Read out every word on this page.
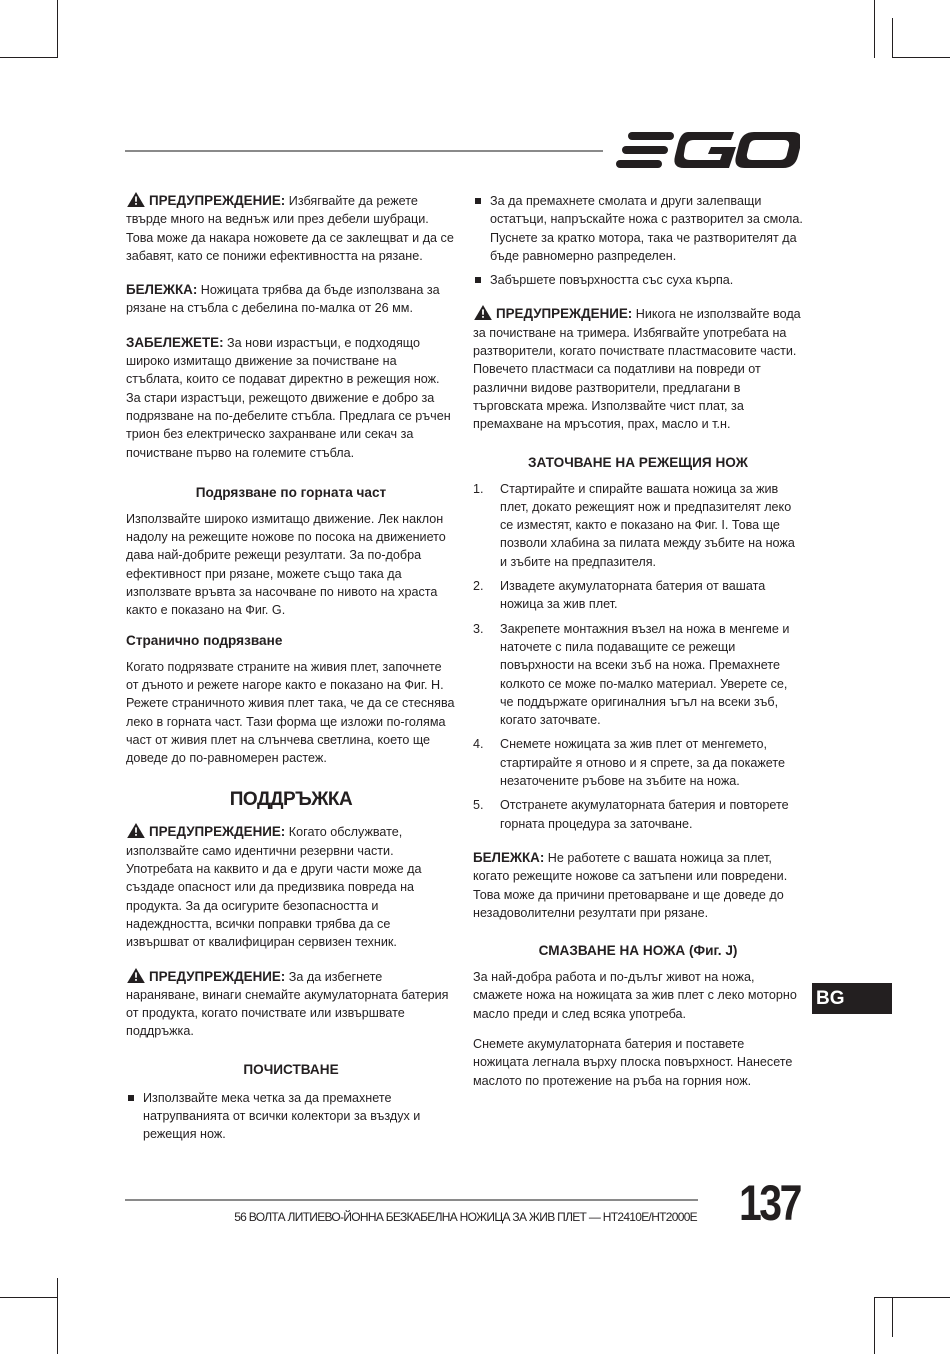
ПРЕДУПРЕЖДЕНИЕ: Избягвайте да режете твърде много на веднъж или през дебели шубраци. Това може да накара ножовете да се заклещват и да се забавят, като се понижи ефективността на рязане.

БЕЛЕЖКА: Ножицата трябва да бъде използвана за рязане на стъбла с дебелина по-малка от 26 мм.

ЗАБЕЛЕЖЕТЕ: За нови израстъци, е подходящо широко измитащо движение за почистване на стъблата, които се подават директно в режещия нож. За стари израстъци, режещото движение е добро за подрязване на по-дебелите стъбла. Предлага се ръчен трион без електрическо захранване или секач за почистване първо на големите стъбла.

Подрязване по горната част

Използвайте широко измитащо движение. Лек наклон надолу на режещите ножове по посока на движението дава най-добрите режещи резултати. За по-добра ефективност при рязане, можете също така да използвате връвта за насочване по нивото на храста както е показано на Фиг. G.

Странично подрязване

Когато подрязвате страните на живия плет, започнете от дъното и режете нагоре както е показано на Фиг. H. Режете страничното живия плет така, че да се стеснява леко в горната част. Тази форма ще изложи по-голяма част от живия плет на слънчева светлина, което ще доведе до по-равномерен растеж.

ПОДДРЪЖКА

ПРЕДУПРЕЖДЕНИЕ: Когато обслужвате, използвайте само идентични резервни части. Употребата на каквито и да е други части може да създаде опасност или да предизвика повреда на продукта. За да осигурите безопасността и надеждността, всички поправки трябва да се извършват от квалифициран сервизен техник.

ПРЕДУПРЕЖДЕНИЕ: За да избегнете нараняване, винаги снемайте акумулаторната батерия от продукта, когато почиствате или извършвате поддръжка.

ПОЧИСТВАНЕ
Използвайте мека четка за да премахнете натрупванията от всички колектори за въздух и режещия нож.
За да премахнете смолата и други залепващи остатъци, напръскайте ножа с разтворител за смола. Пуснете за кратко мотора, така че разтворителят да бъде равномерно разпределен.
Забършете повърхността със суха кърпа.

ПРЕДУПРЕЖДЕНИЕ: Никога не използвайте вода за почистване на тримера. Избягвайте употребата на разтворители, когато почиствате пластмасовите части. Повечето пластмаси са податливи на повреди от различни видове разтворители, предлагани в търговската мрежа. Използвайте чист плат, за премахване на мръсотия, прах, масло и т.н.

ЗАТОЧВАНЕ НА РЕЖЕЩИЯ НОЖ
1. Стартирайте и спирайте вашата ножица за жив плет, докато режещият нож и предпазителят леко се изместят, както е показано на Фиг. I. Това ще позволи хлабина за пилата между зъбите на ножа и зъбите на предпазителя.
2. Извадете акумулаторната батерия от вашата ножица за жив плет.
3. Закрепете монтажния възел на ножа в менгеме и наточете с пила подаващите се режещи повърхности на всеки зъб на ножа. Премахнете колкото се може по-малко материал. Уверете се, че поддържате оригиналния ъгъл на всеки зъб, когато заточвате.
4. Снемете ножицата за жив плет от менгемето, стартирайте я отново и я спрете, за да покажете незаточените ръбове на зъбите на ножа.
5. Отстранете акумулаторната батерия и повторете горната процедура за заточване.

БЕЛЕЖКА: Не работете с вашата ножица за плет, когато режещите ножове са затъпени или повредени. Това може да причини претоварване и ще доведе до незадоволителни резултати при рязане.

СМАЗВАНЕ НА НОЖА (Фиг. J)

За най-добра работа и по-дълъг живот на ножа, смажете ножа на ножицата за жив плет с леко моторно масло преди и след всяка употреба.

Снемете акумулаторната батерия и поставете ножицата легнала върху плоска повърхност. Нанесете маслото по протежение на ръба на горния нож.

BG
56 ВОЛТА ЛИТИЕВО-ЙОННА БЕЗКАБЕЛНА НОЖИЦА ЗА ЖИВ ПЛЕТ — HT2410E/HT2000E 137
